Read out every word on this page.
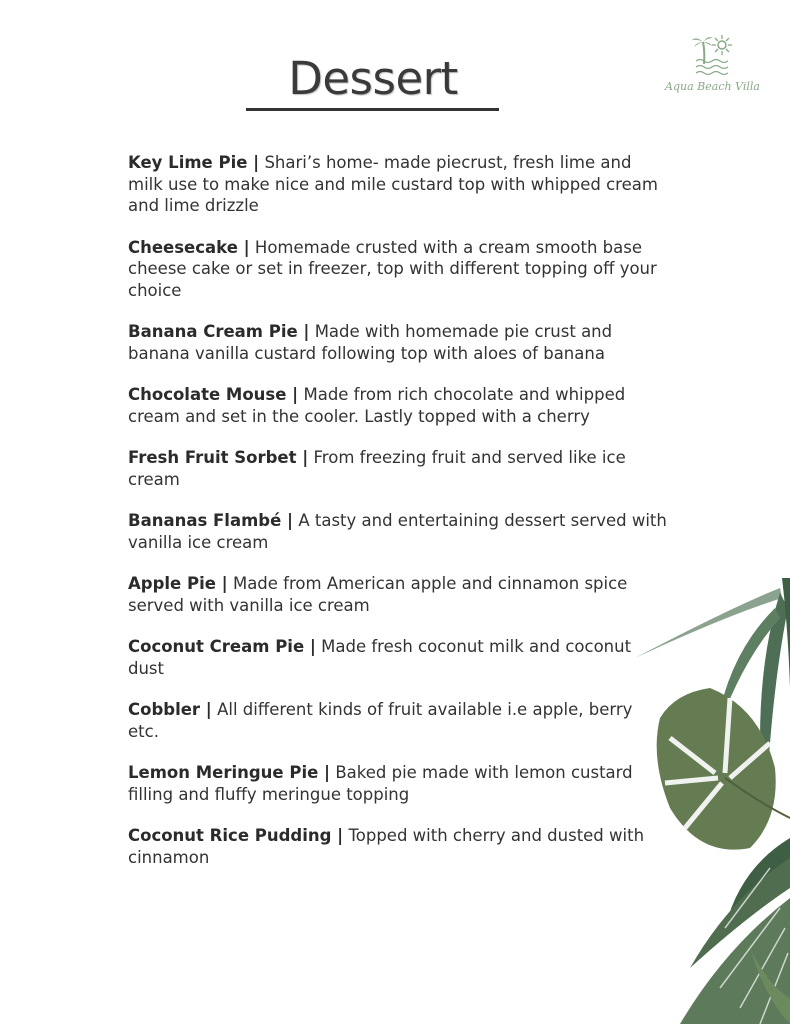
Dessert	Aqua Beach Villa

Key Lime Pie | Shari’s home- made piecrust, fresh lime and milk use to make nice and mile custard top with whipped cream and lime drizzle

Cheesecake | Homemade crusted with a cream smooth base cheese cake or set in freezer, top with different topping off your choice

Banana Cream Pie | Made with homemade pie crust and banana vanilla custard following top with aloes of banana

Chocolate Mouse | Made from rich chocolate and whipped cream and set in the cooler. Lastly topped with a cherry

Fresh Fruit Sorbet | From freezing fruit and served like ice cream

Bananas Flambé | A tasty and entertaining dessert served with vanilla ice cream

Apple Pie | Made from American apple and cinnamon spice served with vanilla ice cream

Coconut Cream Pie | Made fresh coconut milk and coconut dust

Cobbler | All different kinds of fruit available i.e apple, berry etc.

Lemon Meringue Pie | Baked pie made with lemon custard filling and fluffy meringue topping

Coconut Rice Pudding | Topped with cherry and dusted with cinnamon
